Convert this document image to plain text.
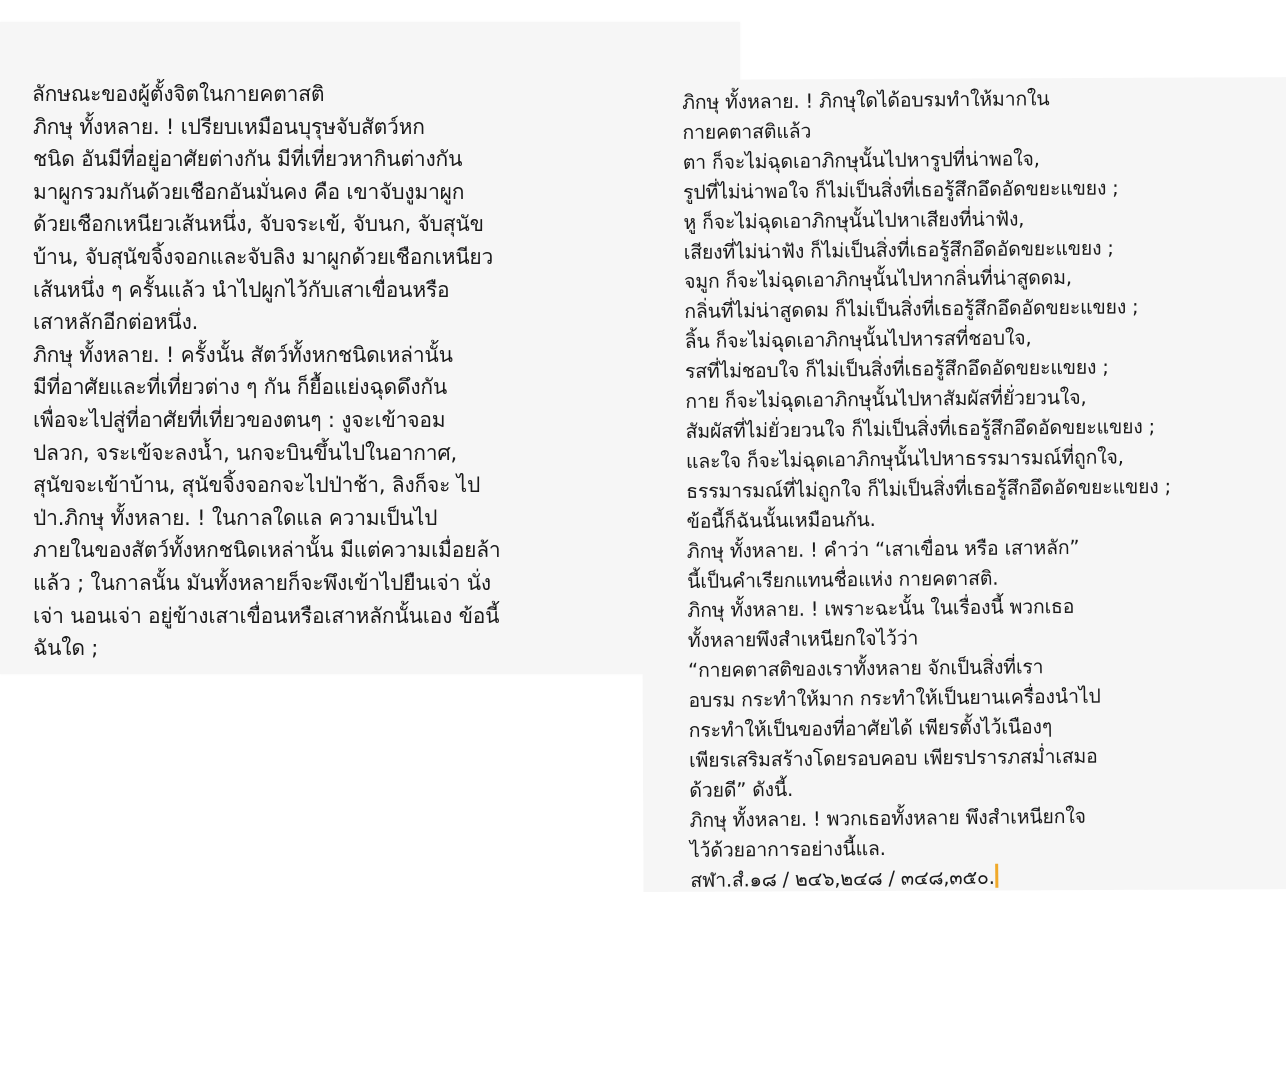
ลักษณะของผู้ตั้งจิตในกายคตาสติ
ภิกษุ ทั้งหลาย. ! เปรียบเหมือนบุรุษจับสัตว์หก
ชนิด อันมีที่อยู่อาศัยต่างกัน มีที่เที่ยวหากินต่างกัน
มาผูกรวมกันด้วยเชือกอันมั่นคง คือ เขาจับงูมาผูก
ด้วยเชือกเหนียวเส้นหนึ่ง, จับจระเข้, จับนก, จับสุนัข
บ้าน, จับสุนัขจิ้งจอกและจับลิง มาผูกด้วยเชือกเหนียว
เส้นหนึ่ง ๆ ครั้นแล้ว นำไปผูกไว้กับเสาเขื่อนหรือ
เสาหลักอีกต่อหนึ่ง.
ภิกษุ ทั้งหลาย. ! ครั้งนั้น สัตว์ทั้งหกชนิดเหล่านั้น
มีที่อาศัยและที่เที่ยวต่าง ๆ กัน ก็ยื้อแย่งฉุดดึงกัน
เพื่อจะไปสู่ที่อาศัยที่เที่ยวของตนๆ : งูจะเข้าจอม
ปลวก, จระเข้จะลงน้ำ, นกจะบินขึ้นไปในอากาศ,
สุนัขจะเข้าบ้าน, สุนัขจิ้งจอกจะไปป่าช้า, ลิงก็จะ ไป
ป่า.ภิกษุ ทั้งหลาย. ! ในกาลใดแล ความเป็นไป
ภายในของสัตว์ทั้งหกชนิดเหล่านั้น มีแต่ความเมื่อยล้า
แล้ว ; ในกาลนั้น มันทั้งหลายก็จะพึงเข้าไปยืนเจ่า นั่ง
เจ่า นอนเจ่า อยู่ข้างเสาเขื่อนหรือเสาหลักนั้นเอง ข้อนี้
ฉันใด ;
ภิกษุ ทั้งหลาย. ! ภิกษุใดได้อบรมทำให้มากใน
กายคตาสติแล้ว
ตา ก็จะไม่ฉุดเอาภิกษุนั้นไปหารูปที่น่าพอใจ,
รูปที่ไม่น่าพอใจ ก็ไม่เป็นสิ่งที่เธอรู้สึกอึดอัดขยะแขยง ;
หู ก็จะไม่ฉุดเอาภิกษุนั้นไปหาเสียงที่น่าฟัง,
เสียงที่ไม่น่าฟัง ก็ไม่เป็นสิ่งที่เธอรู้สึกอึดอัดขยะแขยง ;
จมูก ก็จะไม่ฉุดเอาภิกษุนั้นไปหากลิ่นที่น่าสูดดม,
กลิ่นที่ไม่น่าสูดดม ก็ไม่เป็นสิ่งที่เธอรู้สึกอึดอัดขยะแขยง ;
ลิ้น ก็จะไม่ฉุดเอาภิกษุนั้นไปหารสที่ชอบใจ,
รสที่ไม่ชอบใจ ก็ไม่เป็นสิ่งที่เธอรู้สึกอึดอัดขยะแขยง ;
กาย ก็จะไม่ฉุดเอาภิกษุนั้นไปหาสัมผัสที่ยั่วยวนใจ,
สัมผัสที่ไม่ยั่วยวนใจ ก็ไม่เป็นสิ่งที่เธอรู้สึกอึดอัดขยะแขยง ;
และใจ ก็จะไม่ฉุดเอาภิกษุนั้นไปหาธรรมารมณ์ที่ถูกใจ,
ธรรมารมณ์ที่ไม่ถูกใจ ก็ไม่เป็นสิ่งที่เธอรู้สึกอึดอัดขยะแขยง ;
ข้อนี้ก็ฉันนั้นเหมือนกัน.
ภิกษุ ทั้งหลาย. ! คำว่า “เสาเขื่อน หรือ เสาหลัก”
นี้เป็นคำเรียกแทนชื่อแห่ง กายคตาสติ.
ภิกษุ ทั้งหลาย. ! เพราะฉะนั้น ในเรื่องนี้ พวกเธอ
ทั้งหลายพึงสำเหนียกใจไว้ว่า
“กายคตาสติของเราทั้งหลาย จักเป็นสิ่งที่เรา
อบรม กระทำให้มาก กระทำให้เป็นยานเครื่องนำไป
กระทำให้เป็นของที่อาศัยได้ เพียรตั้งไว้เนืองๆ
เพียรเสริมสร้างโดยรอบคอบ เพียรปรารภสม่ำเสมอ
ด้วยดี” ดังนี้.
ภิกษุ ทั้งหลาย. ! พวกเธอทั้งหลาย พึงสำเหนียกใจ
ไว้ด้วยอาการอย่างนี้แล.
สฬา.สํ.๑๘ / ๒๔๖,๒๔๘ / ๓๔๘,๓๕๐.
